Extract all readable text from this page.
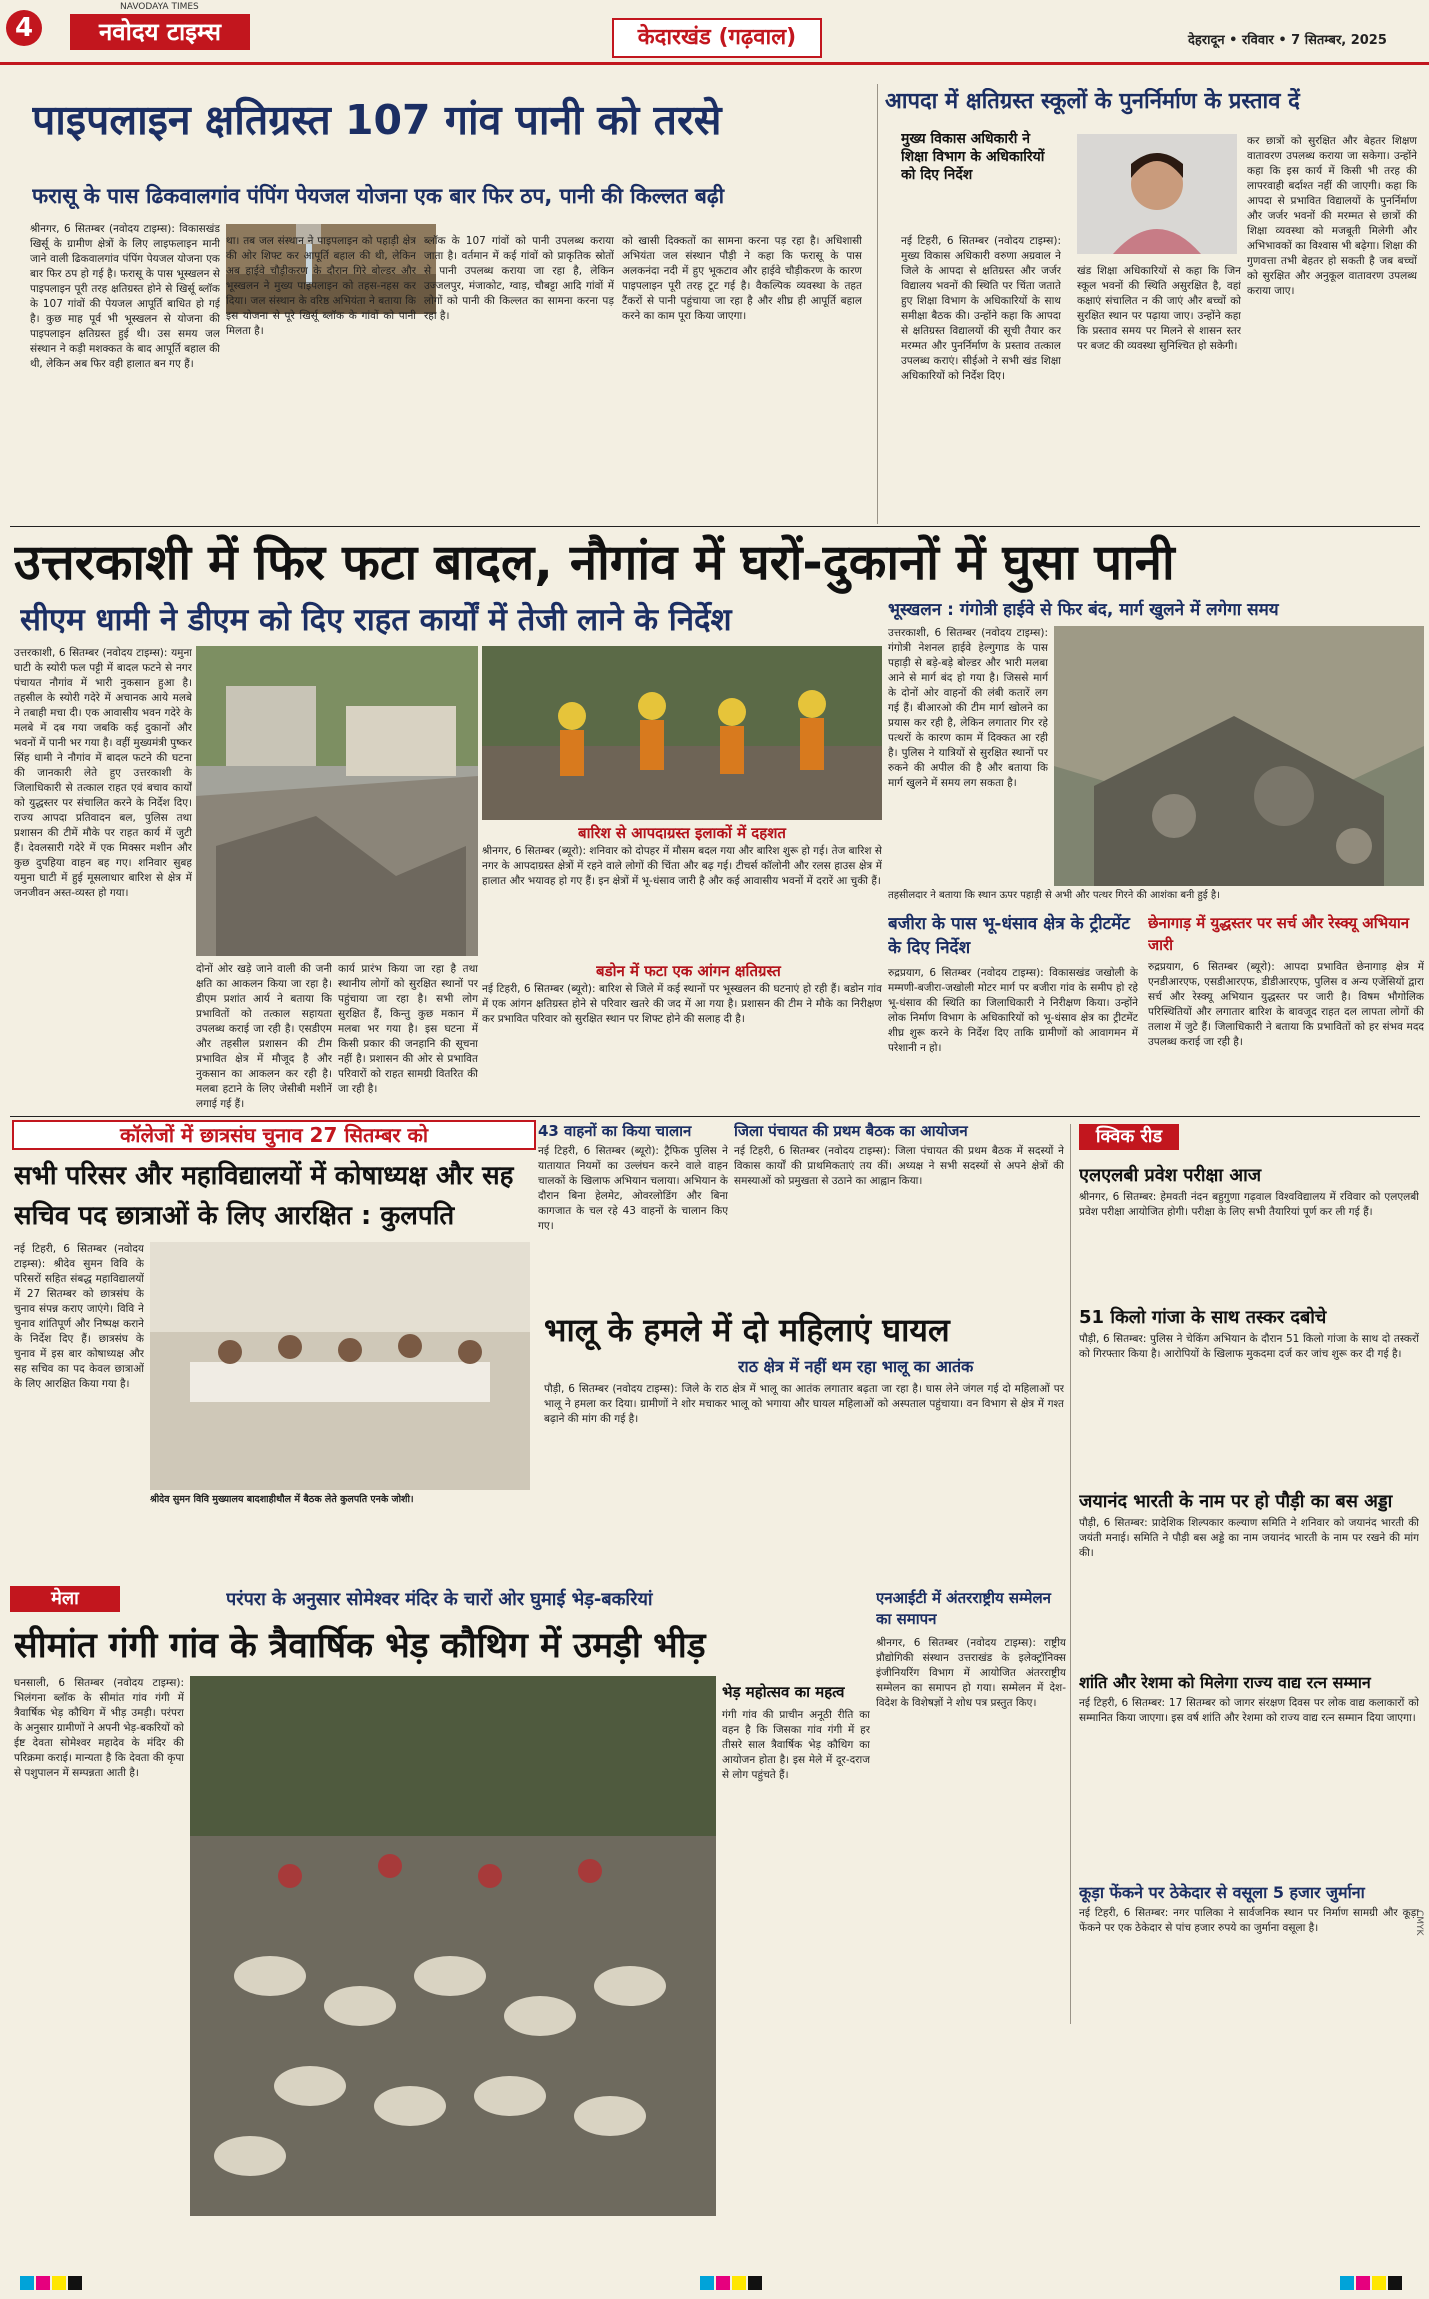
4
NAVODAYA TIMES
नवोदय टाइम्स	केदारखंड (गढ़वाल)	देहरादून • रविवार • 7 सितम्बर, 2025
पाइपलाइन क्षतिग्रस्त 107 गांव पानी को तरसे
फरासू के पास ढिकवालगांव पंपिंग पेयजल योजना एक बार फिर ठप, पानी की किल्लत बढ़ी
श्रीनगर, 6 सितम्बर (नवोदय टाइम्स): विकासखंड खिर्सू के ग्रामीण क्षेत्रों के लिए लाइफलाइन मानी जाने वाली ढिकवालगांव पंपिंग पेयजल योजना एक बार फिर ठप हो गई है। फरासू के पास भूस्खलन से पाइपलाइन पूरी तरह क्षतिग्रस्त होने से खिर्सू ब्लॉक के 107 गांवों की पेयजल आपूर्ति बाधित हो गई है। कुछ माह पूर्व भी भूस्खलन से योजना की पाइपलाइन क्षतिग्रस्त हुई थी। उस समय जल संस्थान ने कड़ी मशक्कत के बाद आपूर्ति बहाल की थी, लेकिन अब फिर वही हालात बन गए हैं।
था। तब जल संस्थान ने पाइपलाइन को पहाड़ी क्षेत्र की ओर शिफ्ट कर आपूर्ति बहाल की थी, लेकिन अब हाईवे चौड़ीकरण के दौरान गिरे बोल्डर और भूस्खलन ने मुख्य पाइपलाइन को तहस-नहस कर दिया। जल संस्थान के वरिष्ठ अभियंता ने बताया कि इस योजना से पूरे खिर्सू ब्लॉक के गांवों को पानी मिलता है।
ब्लॉक के 107 गांवों को पानी उपलब्ध कराया जाता है। वर्तमान में कई गांवों को प्राकृतिक स्रोतों से पानी उपलब्ध कराया जा रहा है, लेकिन उज्जलपुर, मंजाकोट, ग्वाड़, चौबट्टा आदि गांवों में लोगों को पानी की किल्लत का सामना करना पड़ रहा है।
को खासी दिक्कतों का सामना करना पड़ रहा है। अधिशासी अभियंता जल संस्थान पौड़ी ने कहा कि फरासू के पास अलकनंदा नदी में हुए भूकटाव और हाईवे चौड़ीकरण के कारण पाइपलाइन पूरी तरह टूट गई है। वैकल्पिक व्यवस्था के तहत टैंकरों से पानी पहुंचाया जा रहा है और शीघ्र ही आपूर्ति बहाल करने का काम पूरा किया जाएगा।
आपदा में क्षतिग्रस्त स्कूलों के पुनर्निर्माण के प्रस्ताव दें
मुख्य विकास अधिकारी ने शिक्षा विभाग के अधिकारियों को दिए निर्देश
नई टिहरी, 6 सितम्बर (नवोदय टाइम्स): मुख्य विकास अधिकारी वरुणा अग्रवाल ने जिले के आपदा से क्षतिग्रस्त और जर्जर विद्यालय भवनों की स्थिति पर चिंता जताते हुए शिक्षा विभाग के अधिकारियों के साथ समीक्षा बैठक की। उन्होंने कहा कि आपदा से क्षतिग्रस्त विद्यालयों की सूची तैयार कर मरम्मत और पुनर्निर्माण के प्रस्ताव तत्काल उपलब्ध कराएं। सीईओ ने सभी खंड शिक्षा अधिकारियों को निर्देश दिए।
खंड शिक्षा अधिकारियों से कहा कि जिन स्कूल भवनों की स्थिति असुरक्षित है, वहां कक्षाएं संचालित न की जाएं और बच्चों को सुरक्षित स्थान पर पढ़ाया जाए। उन्होंने कहा कि प्रस्ताव समय पर मिलने से शासन स्तर पर बजट की व्यवस्था सुनिश्चित हो सकेगी।
कर छात्रों को सुरक्षित और बेहतर शिक्षण वातावरण उपलब्ध कराया जा सकेगा। उन्होंने कहा कि इस कार्य में किसी भी तरह की लापरवाही बर्दाश्त नहीं की जाएगी। कहा कि आपदा से प्रभावित विद्यालयों के पुनर्निर्माण और जर्जर भवनों की मरम्मत से छात्रों की शिक्षा व्यवस्था को मजबूती मिलेगी और अभिभावकों का विश्वास भी बढ़ेगा। शिक्षा की गुणवत्ता तभी बेहतर हो सकती है जब बच्चों को सुरक्षित और अनुकूल वातावरण उपलब्ध कराया जाए।
उत्तरकाशी में फिर फटा बादल, नौगांव में घरों-दुकानों में घुसा पानी
सीएम धामी ने डीएम को दिए राहत कार्यों में तेजी लाने के निर्देश
उत्तरकाशी, 6 सितम्बर (नवोदय टाइम्स): यमुना घाटी के स्योरी फल पट्टी में बादल फटने से नगर पंचायत नौगांव में भारी नुकसान हुआ है। तहसील के स्योरी गदेरे में अचानक आये मलबे ने तबाही मचा दी। एक आवासीय भवन गदेरे के मलबे में दब गया जबकि कई दुकानों और भवनों में पानी भर गया है। वहीं मुख्यमंत्री पुष्कर सिंह धामी ने नौगांव में बादल फटने की घटना की जानकारी लेते हुए उत्तरकाशी के जिलाधिकारी से तत्काल राहत एवं बचाव कार्यों को युद्धस्तर पर संचालित करने के निर्देश दिए। राज्य आपदा प्रतिवादन बल, पुलिस तथा प्रशासन की टीमें मौके पर राहत कार्य में जुटी हैं। देवलसारी गदेरे में एक मिक्सर मशीन और कुछ दुपहिया वाहन बह गए। शनिवार सुबह यमुना घाटी में हुई मूसलाधार बारिश से क्षेत्र में जनजीवन अस्त-व्यस्त हो गया।
बारिश से आपदाग्रस्त इलाकों में दहशत
श्रीनगर, 6 सितम्बर (ब्यूरो): शनिवार को दोपहर में मौसम बदल गया और बारिश शुरू हो गई। तेज बारिश से नगर के आपदाग्रस्त क्षेत्रों में रहने वाले लोगों की चिंता और बढ़ गई। टीचर्स कॉलोनी और रलस हाउस क्षेत्र में हालात और भयावह हो गए हैं। इन क्षेत्रों में भू-धंसाव जारी है और कई आवासीय भवनों में दरारें आ चुकी हैं।
बडोन में फटा एक आंगन क्षतिग्रस्त
नई टिहरी, 6 सितम्बर (ब्यूरो): बारिश से जिले में कई स्थानों पर भूस्खलन की घटनाएं हो रही हैं। बडोन गांव में एक आंगन क्षतिग्रस्त होने से परिवार खतरे की जद में आ गया है। प्रशासन की टीम ने मौके का निरीक्षण कर प्रभावित परिवार को सुरक्षित स्थान पर शिफ्ट होने की सलाह दी है।
दोनों ओर खड़े जाने वाली की जनी क्षति का आकलन किया जा रहा है। डीएम प्रशांत आर्य ने बताया कि प्रभावितों को तत्काल सहायता उपलब्ध कराई जा रही है। एसडीएम और तहसील प्रशासन की टीम प्रभावित क्षेत्र में मौजूद है और नुकसान का आकलन कर रही है। मलबा हटाने के लिए जेसीबी मशीनें लगाई गई हैं।
कार्य प्रारंभ किया जा रहा है तथा स्थानीय लोगों को सुरक्षित स्थानों पर पहुंचाया जा रहा है। सभी लोग सुरक्षित हैं, किन्तु कुछ मकान में मलबा भर गया है। इस घटना में किसी प्रकार की जनहानि की सूचना नहीं है। प्रशासन की ओर से प्रभावित परिवारों को राहत सामग्री वितरित की जा रही है।
भूस्खलन : गंगोत्री हाईवे से फिर बंद, मार्ग खुलने में लगेगा समय
उत्तरकाशी, 6 सितम्बर (नवोदय टाइम्स): गंगोत्री नेशनल हाईवे हेल्गुगाड के पास पहाड़ी से बड़े-बड़े बोल्डर और भारी मलबा आने से मार्ग बंद हो गया है। जिससे मार्ग के दोनों ओर वाहनों की लंबी कतारें लग गई हैं। बीआरओ की टीम मार्ग खोलने का प्रयास कर रही है, लेकिन लगातार गिर रहे पत्थरों के कारण काम में दिक्कत आ रही है। पुलिस ने यात्रियों से सुरक्षित स्थानों पर रुकने की अपील की है और बताया कि मार्ग खुलने में समय लग सकता है।
तहसीलदार ने बताया कि स्थान ऊपर पहाड़ी से अभी और पत्थर गिरने की आशंका बनी हुई है।
बजीरा के पास भू-धंसाव क्षेत्र के ट्रीटमेंट के दिए निर्देश
रुद्रप्रयाग, 6 सितम्बर (नवोदय टाइम्स): विकासखंड जखोली के मम्मणी-बजीरा-जखोली मोटर मार्ग पर बजीरा गांव के समीप हो रहे भू-धंसाव की स्थिति का जिलाधिकारी ने निरीक्षण किया। उन्होंने लोक निर्माण विभाग के अधिकारियों को भू-धंसाव क्षेत्र का ट्रीटमेंट शीघ्र शुरू करने के निर्देश दिए ताकि ग्रामीणों को आवागमन में परेशानी न हो।
छेनागाड़ में युद्धस्तर पर सर्च और रेस्क्यू अभियान जारी
रुद्रप्रयाग, 6 सितम्बर (ब्यूरो): आपदा प्रभावित छेनागाड़ क्षेत्र में एनडीआरएफ, एसडीआरएफ, डीडीआरएफ, पुलिस व अन्य एजेंसियों द्वारा सर्च और रेस्क्यू अभियान युद्धस्तर पर जारी है। विषम भौगोलिक परिस्थितियों और लगातार बारिश के बावजूद राहत दल लापता लोगों की तलाश में जुटे हैं। जिलाधिकारी ने बताया कि प्रभावितों को हर संभव मदद उपलब्ध कराई जा रही है।
कॉलेजों में छात्रसंघ चुनाव 27 सितम्बर को
सभी परिसर और महाविद्यालयों में कोषाध्यक्ष और सह सचिव पद छात्राओं के लिए आरक्षित : कुलपति
नई टिहरी, 6 सितम्बर (नवोदय टाइम्स): श्रीदेव सुमन विवि के परिसरों सहित संबद्ध महाविद्यालयों में 27 सितम्बर को छात्रसंघ के चुनाव संपन्न कराए जाएंगे। विवि ने चुनाव शांतिपूर्ण और निष्पक्ष कराने के निर्देश दिए हैं। छात्रसंघ के चुनाव में इस बार कोषाध्यक्ष और सह सचिव का पद केवल छात्राओं के लिए आरक्षित किया गया है।
श्रीदेव सुमन विवि मुख्यालय बादशाहीथौल में बैठक लेते कुलपति एनके जोशी।
43 वाहनों का किया चालान
नई टिहरी, 6 सितम्बर (ब्यूरो): ट्रैफिक पुलिस ने यातायात नियमों का उल्लंघन करने वाले वाहन चालकों के खिलाफ अभियान चलाया। अभियान के दौरान बिना हेलमेट, ओवरलोडिंग और बिना कागजात के चल रहे 43 वाहनों के चालान किए गए।
जिला पंचायत की प्रथम बैठक का आयोजन
नई टिहरी, 6 सितम्बर (नवोदय टाइम्स): जिला पंचायत की प्रथम बैठक में सदस्यों ने विकास कार्यों की प्राथमिकताएं तय कीं। अध्यक्ष ने सभी सदस्यों से अपने क्षेत्रों की समस्याओं को प्रमुखता से उठाने का आह्वान किया।
भालू के हमले में दो महिलाएं घायल
राठ क्षेत्र में नहीं थम रहा भालू का आतंक
पौड़ी, 6 सितम्बर (नवोदय टाइम्स): जिले के राठ क्षेत्र में भालू का आतंक लगातार बढ़ता जा रहा है। घास लेने जंगल गई दो महिलाओं पर भालू ने हमला कर दिया। ग्रामीणों ने शोर मचाकर भालू को भगाया और घायल महिलाओं को अस्पताल पहुंचाया। वन विभाग से क्षेत्र में गश्त बढ़ाने की मांग की गई है।
क्विक रीड
एलएलबी प्रवेश परीक्षा आज
श्रीनगर, 6 सितम्बर: हेमवती नंदन बहुगुणा गढ़वाल विश्वविद्यालय में रविवार को एलएलबी प्रवेश परीक्षा आयोजित होगी। परीक्षा के लिए सभी तैयारियां पूर्ण कर ली गई हैं।
51 किलो गांजा के साथ तस्कर दबोचे
पौड़ी, 6 सितम्बर: पुलिस ने चेकिंग अभियान के दौरान 51 किलो गांजा के साथ दो तस्करों को गिरफ्तार किया है। आरोपियों के खिलाफ मुकदमा दर्ज कर जांच शुरू कर दी गई है।
जयानंद भारती के नाम पर हो पौड़ी का बस अड्डा
पौड़ी, 6 सितम्बर: प्रादेशिक शिल्पकार कल्याण समिति ने शनिवार को जयानंद भारती की जयंती मनाई। समिति ने पौड़ी बस अड्डे का नाम जयानंद भारती के नाम पर रखने की मांग की।
शांति और रेशमा को मिलेगा राज्य वाद्य रत्न सम्मान
नई टिहरी, 6 सितम्बर: 17 सितम्बर को जागर संरक्षण दिवस पर लोक वाद्य कलाकारों को सम्मानित किया जाएगा। इस वर्ष शांति और रेशमा को राज्य वाद्य रत्न सम्मान दिया जाएगा।
कूड़ा फेंकने पर ठेकेदार से वसूला 5 हजार जुर्माना
नई टिहरी, 6 सितम्बर: नगर पालिका ने सार्वजनिक स्थान पर निर्माण सामग्री और कूड़ा फेंकने पर एक ठेकेदार से पांच हजार रुपये का जुर्माना वसूला है।
एनआईटी में अंतरराष्ट्रीय सम्मेलन का समापन
श्रीनगर, 6 सितम्बर (नवोदय टाइम्स): राष्ट्रीय प्रौद्योगिकी संस्थान उत्तराखंड के इलेक्ट्रॉनिक्स इंजीनियरिंग विभाग में आयोजित अंतरराष्ट्रीय सम्मेलन का समापन हो गया। सम्मेलन में देश-विदेश के विशेषज्ञों ने शोध पत्र प्रस्तुत किए।
मेला	परंपरा के अनुसार सोमेश्वर मंदिर के चारों ओर घुमाई भेड़-बकरियां
सीमांत गंगी गांव के त्रैवार्षिक भेड़ कौथिग में उमड़ी भीड़
घनसाली, 6 सितम्बर (नवोदय टाइम्स): भिलंगना ब्लॉक के सीमांत गांव गंगी में त्रैवार्षिक भेड़ कौथिग में भीड़ उमड़ी। परंपरा के अनुसार ग्रामीणों ने अपनी भेड़-बकरियों को ईष्ट देवता सोमेश्वर महादेव के मंदिर की परिक्रमा कराई। मान्यता है कि देवता की कृपा से पशुपालन में सम्पन्नता आती है।
भेड़ महोत्सव का महत्व
गंगी गांव की प्राचीन अनूठी रीति का वहन है कि जिसका गांव गंगी में हर तीसरे साल त्रैवार्षिक भेड़ कौथिग का आयोजन होता है। इस मेले में दूर-दराज से लोग पहुंचते हैं।
CMYK
